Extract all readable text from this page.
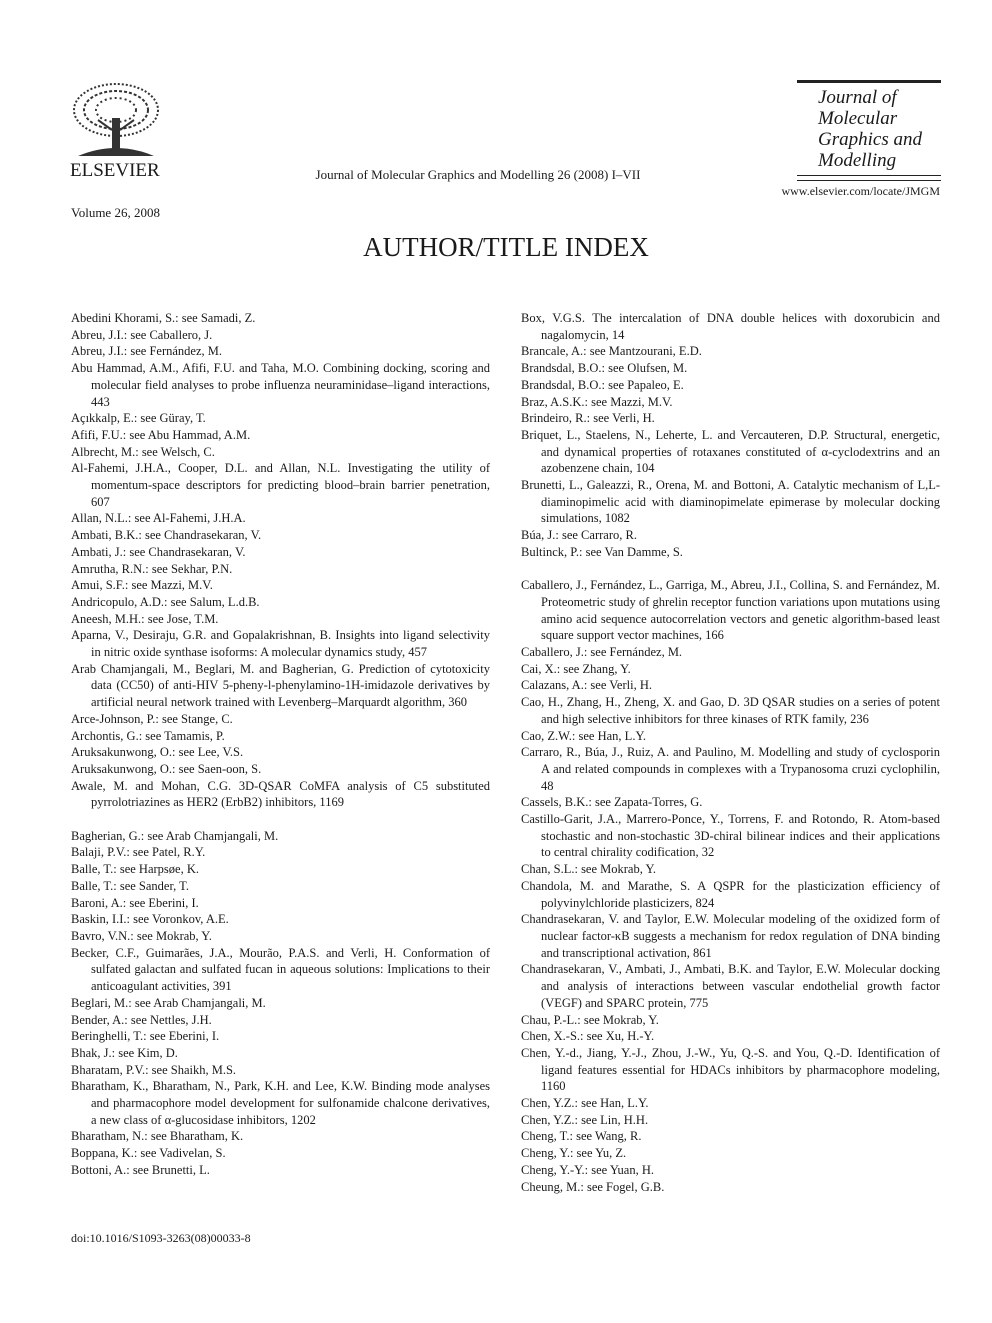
ELSEVIER	Journal of Molecular Graphics and Modelling 26 (2008) I–VII
Journal of
Molecular
Graphics and
Modelling
www.elsevier.com/locate/JMGM
Volume 26, 2008
AUTHOR/TITLE INDEX

Abedini Khorami, S.: see Samadi, Z.

Abreu, J.I.: see Caballero, J.

Abreu, J.I.: see Fernández, M.

Abu Hammad, A.M., Afifi, F.U. and Taha, M.O. Combining docking, scoring and molecular field analyses to probe influenza neuraminidase–ligand interactions, 443

Açıkkalp, E.: see Güray, T.

Afifi, F.U.: see Abu Hammad, A.M.

Albrecht, M.: see Welsch, C.

Al-Fahemi, J.H.A., Cooper, D.L. and Allan, N.L. Investigating the utility of momentum-space descriptors for predicting blood–brain barrier penetration, 607

Allan, N.L.: see Al-Fahemi, J.H.A.

Ambati, B.K.: see Chandrasekaran, V.

Ambati, J.: see Chandrasekaran, V.

Amrutha, R.N.: see Sekhar, P.N.

Amui, S.F.: see Mazzi, M.V.

Andricopulo, A.D.: see Salum, L.d.B.

Aneesh, M.H.: see Jose, T.M.

Aparna, V., Desiraju, G.R. and Gopalakrishnan, B. Insights into ligand selectivity in nitric oxide synthase isoforms: A molecular dynamics study, 457

Arab Chamjangali, M., Beglari, M. and Bagherian, G. Prediction of cytotoxicity data (CC50) of anti-HIV 5-pheny-l-phenylamino-1H-imidazole derivatives by artificial neural network trained with Levenberg–Marquardt algorithm, 360

Arce-Johnson, P.: see Stange, C.

Archontis, G.: see Tamamis, P.

Aruksakunwong, O.: see Lee, V.S.

Aruksakunwong, O.: see Saen-oon, S.

Awale, M. and Mohan, C.G. 3D-QSAR CoMFA analysis of C5 substituted pyrrolotriazines as HER2 (ErbB2) inhibitors, 1169

Bagherian, G.: see Arab Chamjangali, M.

Balaji, P.V.: see Patel, R.Y.

Balle, T.: see Harpsøe, K.

Balle, T.: see Sander, T.

Baroni, A.: see Eberini, I.

Baskin, I.I.: see Voronkov, A.E.

Bavro, V.N.: see Mokrab, Y.

Becker, C.F., Guimarães, J.A., Mourão, P.A.S. and Verli, H. Conformation of sulfated galactan and sulfated fucan in aqueous solutions: Implications to their anticoagulant activities, 391

Beglari, M.: see Arab Chamjangali, M.

Bender, A.: see Nettles, J.H.

Beringhelli, T.: see Eberini, I.

Bhak, J.: see Kim, D.

Bharatam, P.V.: see Shaikh, M.S.

Bharatham, K., Bharatham, N., Park, K.H. and Lee, K.W. Binding mode analyses and pharmacophore model development for sulfonamide chalcone derivatives, a new class of α-glucosidase inhibitors, 1202

Bharatham, N.: see Bharatham, K.

Boppana, K.: see Vadivelan, S.

Bottoni, A.: see Brunetti, L.

Box, V.G.S. The intercalation of DNA double helices with doxorubicin and nagalomycin, 14

Brancale, A.: see Mantzourani, E.D.

Brandsdal, B.O.: see Olufsen, M.

Brandsdal, B.O.: see Papaleo, E.

Braz, A.S.K.: see Mazzi, M.V.

Brindeiro, R.: see Verli, H.

Briquet, L., Staelens, N., Leherte, L. and Vercauteren, D.P. Structural, energetic, and dynamical properties of rotaxanes constituted of α-cyclodextrins and an azobenzene chain, 104

Brunetti, L., Galeazzi, R., Orena, M. and Bottoni, A. Catalytic mechanism of L,L-diaminopimelic acid with diaminopimelate epimerase by molecular docking simulations, 1082

Búa, J.: see Carraro, R.

Bultinck, P.: see Van Damme, S.

Caballero, J., Fernández, L., Garriga, M., Abreu, J.I., Collina, S. and Fernández, M. Proteometric study of ghrelin receptor function variations upon mutations using amino acid sequence autocorrelation vectors and genetic algorithm-based least square support vector machines, 166

Caballero, J.: see Fernández, M.

Cai, X.: see Zhang, Y.

Calazans, A.: see Verli, H.

Cao, H., Zhang, H., Zheng, X. and Gao, D. 3D QSAR studies on a series of potent and high selective inhibitors for three kinases of RTK family, 236

Cao, Z.W.: see Han, L.Y.

Carraro, R., Búa, J., Ruiz, A. and Paulino, M. Modelling and study of cyclosporin A and related compounds in complexes with a Trypanosoma cruzi cyclophilin, 48

Cassels, B.K.: see Zapata-Torres, G.

Castillo-Garit, J.A., Marrero-Ponce, Y., Torrens, F. and Rotondo, R. Atom-based stochastic and non-stochastic 3D-chiral bilinear indices and their applications to central chirality codification, 32

Chan, S.L.: see Mokrab, Y.

Chandola, M. and Marathe, S. A QSPR for the plasticization efficiency of polyvinylchloride plasticizers, 824

Chandrasekaran, V. and Taylor, E.W. Molecular modeling of the oxidized form of nuclear factor-κB suggests a mechanism for redox regulation of DNA binding and transcriptional activation, 861

Chandrasekaran, V., Ambati, J., Ambati, B.K. and Taylor, E.W. Molecular docking and analysis of interactions between vascular endothelial growth factor (VEGF) and SPARC protein, 775

Chau, P.-L.: see Mokrab, Y.

Chen, X.-S.: see Xu, H.-Y.

Chen, Y.-d., Jiang, Y.-J., Zhou, J.-W., Yu, Q.-S. and You, Q.-D. Identification of ligand features essential for HDACs inhibitors by pharmacophore modeling, 1160

Chen, Y.Z.: see Han, L.Y.

Chen, Y.Z.: see Lin, H.H.

Cheng, T.: see Wang, R.

Cheng, Y.: see Yu, Z.

Cheng, Y.-Y.: see Yuan, H.

Cheung, M.: see Fogel, G.B.

doi:10.1016/S1093-3263(08)00033-8
